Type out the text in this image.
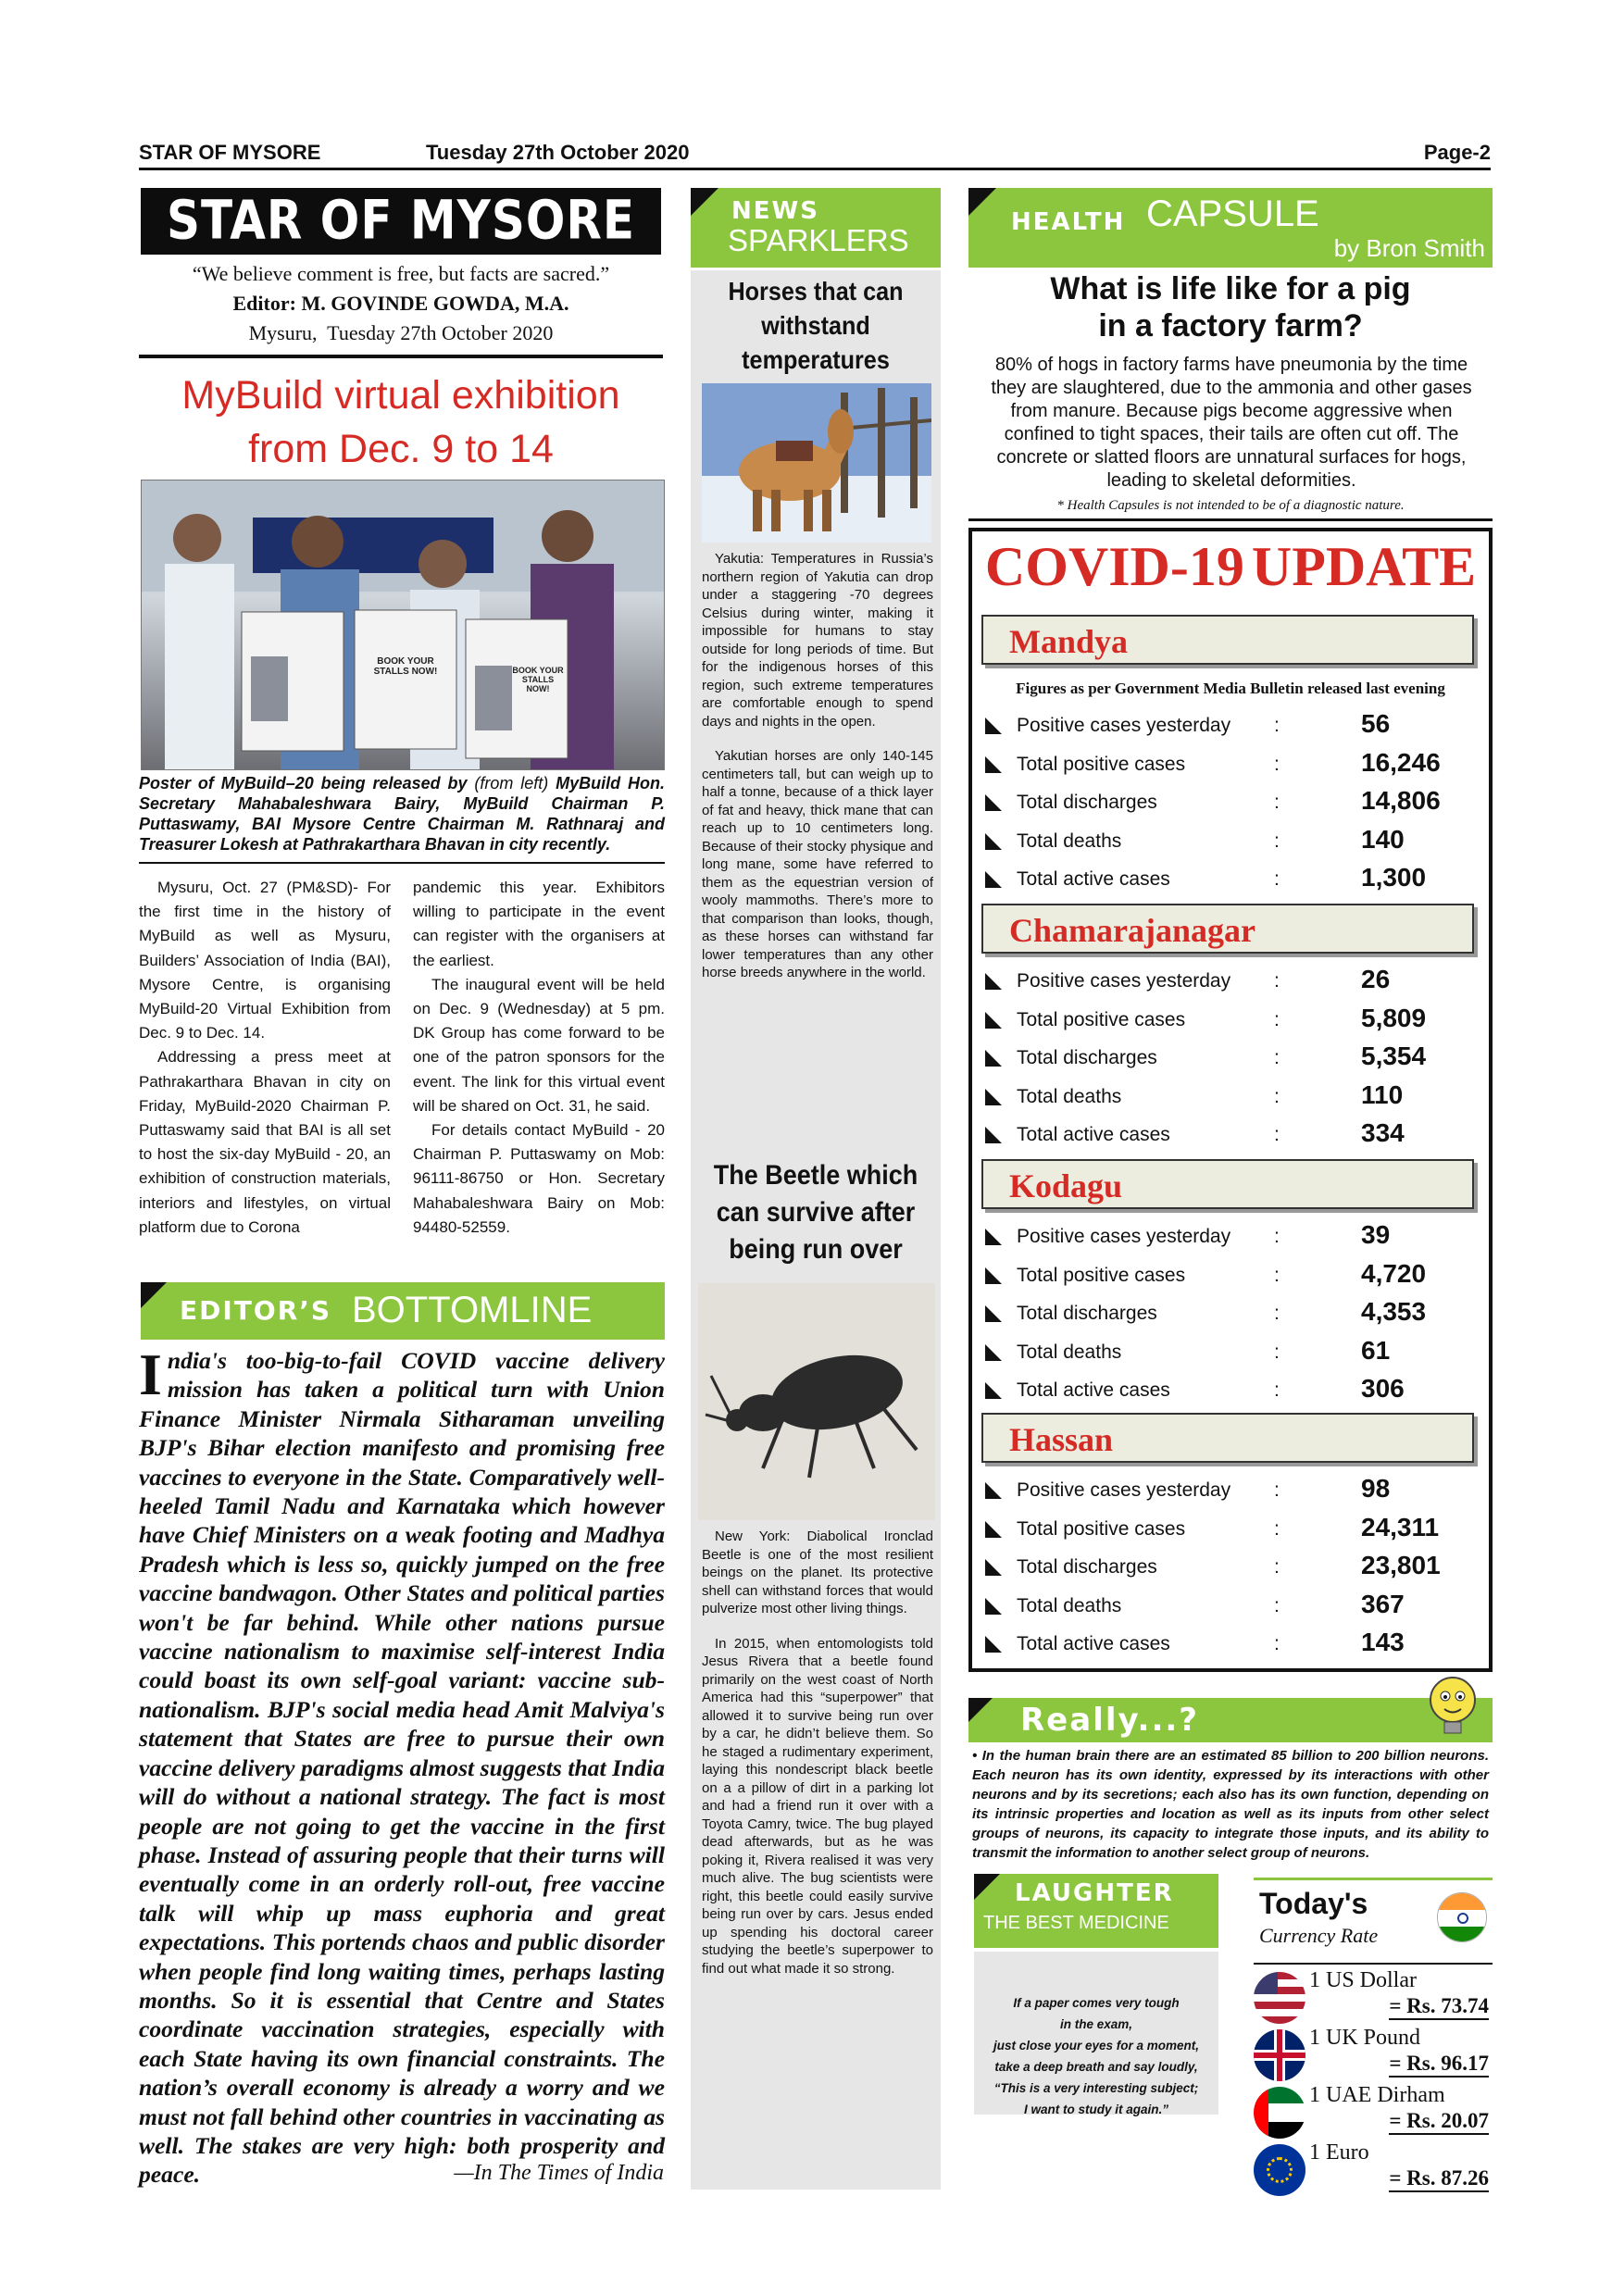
STAR OF MYSORE	Tuesday 27th October 2020	Page-2
STAR OF MYSORE
“We believe comment is free, but facts are sacred.”
Editor: M. GOVINDE GOWDA, M.A.
Mysuru,  Tuesday 27th October 2020
MyBuild virtual exhibition
from Dec. 9 to 14
BOOK YOUR STALLS NOW!	BOOK YOUR STALLS NOW!
Poster of MyBuild–20 being released by (from left) MyBuild Hon. Secretary Mahabaleshwara Bairy, MyBuild Chairman P. Puttaswamy, BAI Mysore Centre Chairman M. Rathnaraj and Treasurer Lokesh at Pathrakarthara Bhavan in city recently.

Mysuru, Oct. 27 (PM&SD)- For the first time in the history of MyBuild as well as Mysuru, Builders’ Association of India (BAI), Mysore Centre, is organising MyBuild-20 Virtual Exhibition from Dec. 9 to Dec. 14.

Addressing a press meet at Pathrakarthara Bhavan in city on Friday, MyBuild-2020 Chairman P. Puttaswamy said that BAI is all set to host the six-day MyBuild - 20, an exhibition of construction materials, interiors and lifestyles, on virtual platform due to Corona

pandemic this year. Exhibitors willing to participate in the event can register with the organisers at the earliest.

The inaugural event will be held on Dec. 9 (Wednesday) at 5 pm. DK Group has come forward to be one of the patron sponsors for the event. The link for this virtual event will be shared on Oct. 31, he said.

For details contact MyBuild - 20 Chairman P. Puttaswamy on Mob: 96111-86750 or Hon. Secretary Mahabaleshwara Bairy on Mob: 94480-52559.

EDITOR’S BOTTOMLINE
India's too-big-to-fail COVID vaccine delivery mission has taken a political turn with Union Finance Minister Nirmala Sitharaman unveiling BJP's Bihar election manifesto and promising free vaccines to everyone in the State. Comparatively well-heeled Tamil Nadu and Karnataka which however have Chief Ministers on a weak footing and Madhya Pradesh which is less so, quickly jumped on the free vaccine bandwagon. Other States and political parties won't be far behind. While other nations pursue vaccine nationalism to maximise self-interest India could boast its own self-goal variant: vaccine sub-nationalism. BJP's social media head Amit Malviya's statement that States are free to pursue their own vaccine delivery paradigms almost suggests that India will do without a national strategy. The fact is most people are not going to get the vaccine in the first phase. Instead of assuring people that their turns will eventually come in an orderly roll-out, free vaccine talk will whip up mass euphoria and great expectations. This portends chaos and public disorder when people find long waiting times, perhaps lasting months. So it is essential that Centre and States coordinate vaccination strategies, especially with each State having its own financial constraints. The nation’s overall economy is already a worry and we must not fall behind other countries in vaccinating as well. The stakes are very high: both prosperity and peace.	—In The Times of India
NEWS
SPARKLERS
Horses that can withstand temperatures

Yakutia: Temperatures in Russia’s northern region of Yakutia can drop under a staggering -70 degrees Celsius during winter, making it impossible for humans to stay outside for long periods of time. But for the indigenous horses of this region, such extreme temperatures are comfortable enough to spend days and nights in the open.

Yakutian horses are only 140-145 centimeters tall, but can weigh up to half a tonne, because of a thick layer of fat and heavy, thick mane that can reach up to 10 centimeters long. Because of their stocky physique and long mane, some have referred to them as the equestrian version of wooly mammoths. There’s more to that comparison than looks, though, as these horses can withstand far lower temperatures than any other horse breeds anywhere in the world.

The Beetle which can survive after being run over

New York: Diabolical Ironclad Beetle is one of the most resilient beings on the planet. Its protective shell can withstand forces that would pulverize most other living things.

In 2015, when entomologists told Jesus Rivera that a beetle found primarily on the west coast of North America had this “superpower” that allowed it to survive being run over by a car, he didn’t believe them. So he staged a rudimentary experiment, laying this nondescript black beetle on a a pillow of dirt in a parking lot and had a friend run it over with a Toyota Camry, twice. The bug played dead afterwards, but as he was poking it, Rivera realised it was very much alive. The bug scientists were right, this beetle could easily survive being run over by cars. Jesus ended up spending his doctoral career studying the beetle’s superpower to find out what made it so strong.

HEALTH CAPSULE
by Bron Smith
What is life like for a pig
in a factory farm?
80% of hogs in factory farms have pneumonia by the time they are slaughtered, due to the ammonia and other gases from manure. Because pigs become aggressive when confined to tight spaces, their tails are often cut off. The concrete or slatted floors are unnatural surfaces for hogs, leading to skeletal deformities.
* Health Capsules is not intended to be of a diagnostic nature.
COVID-19 UPDATE
Figures as per Government Media Bulletin released last evening
Mandya
Positive cases yesterday :	56
Total positive cases	:	16,246
Total discharges	:	14,806
Total deaths	:	140
Total active cases	:	1,300
Chamarajanagar
Positive cases yesterday :	26
Total positive cases	:	5,809
Total discharges	:	5,354
Total deaths	:	110
Total active cases	:	334
Kodagu
Positive cases yesterday :	39
Total positive cases	:	4,720
Total discharges	:	4,353
Total deaths	:	61
Total active cases	:	306
Hassan
Positive cases yesterday :	98
Total positive cases	:	24,311
Total discharges	:	23,801
Total deaths	:	367
Total active cases	:	143
Really...?
• In the human brain there are an estimated 85 billion to 200 billion neurons. Each neuron has its own identity, expressed by its interactions with other neurons and by its secretions; each also has its own function, depending on its intrinsic properties and location as well as its inputs from other select groups of neurons, its capacity to integrate those inputs, and its ability to transmit the information to another select group of neurons.
LAUGHTER
THE BEST MEDICINE
If a paper comes very tough
in the exam,
just close your eyes for a moment,
take a deep breath and say loudly,
“This is a very interesting subject;
I want to study it again.”
Today's
Currency Rate
1 US Dollar
= Rs. 73.74
1 UK Pound
= Rs. 96.17
1 UAE Dirham
= Rs. 20.07
1 Euro
= Rs. 87.26
